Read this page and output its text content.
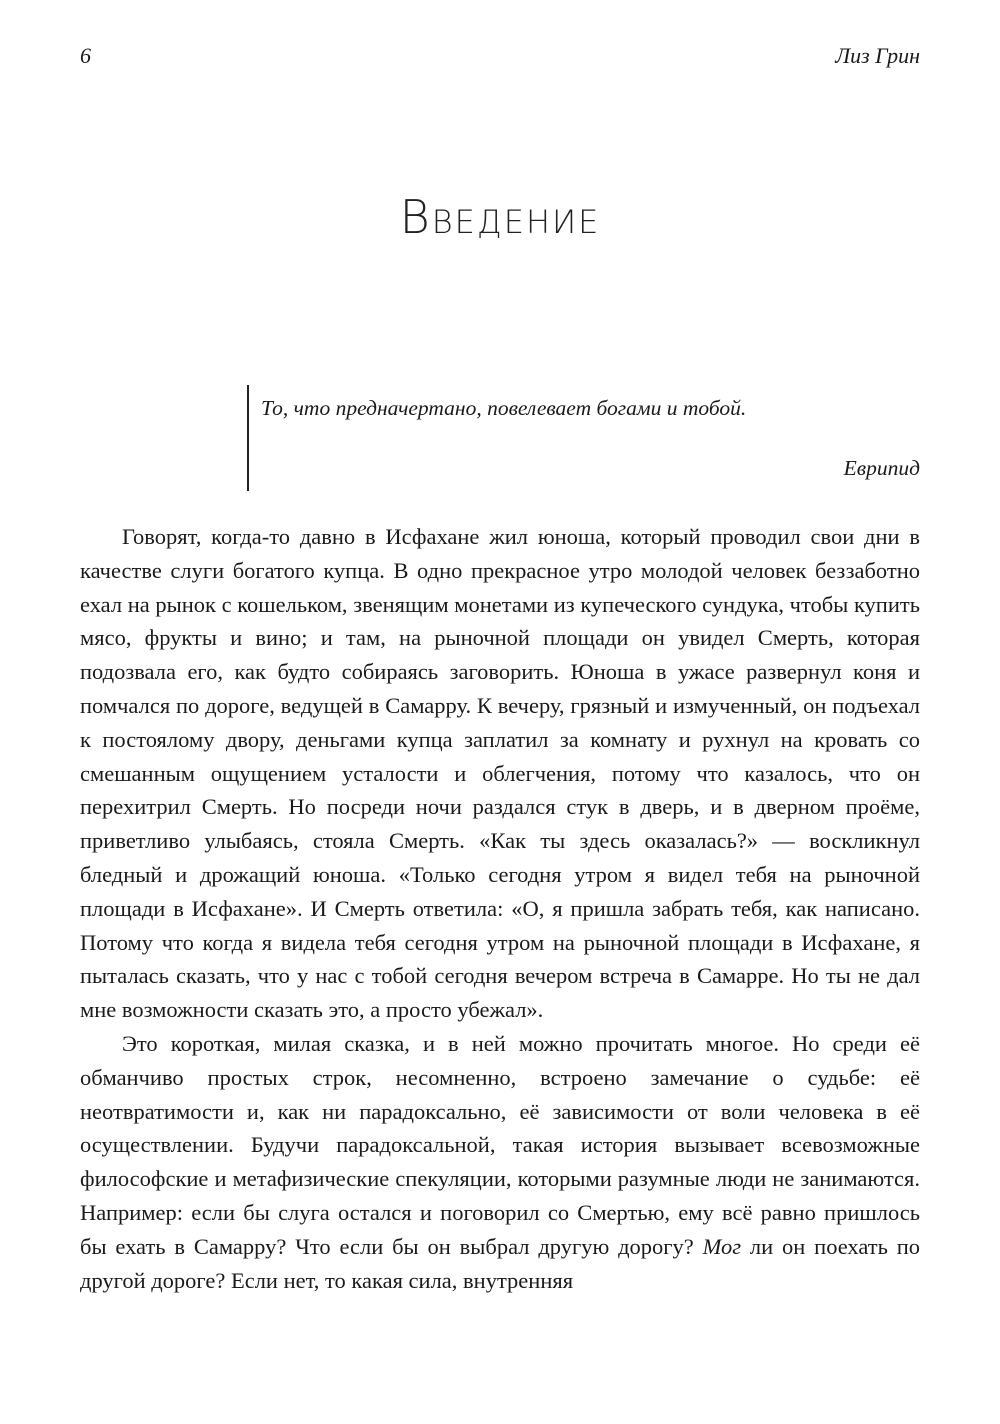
6	Лиз Грин
Введение

То, что предначертано, повелевает богами и тобой.

Еврипид

Говорят, когда-то давно в Исфахане жил юноша, который проводил свои дни в качестве слуги богатого купца. В одно прекрасное утро молодой человек беззаботно ехал на рынок с кошельком, звенящим монетами из купеческого сундука, чтобы купить мясо, фрукты и вино; и там, на рыночной площади он увидел Смерть, которая подозвала его, как будто собираясь заговорить. Юноша в ужасе развернул коня и помчался по дороге, ведущей в Самарру. К вечеру, грязный и измученный, он подъехал к постоялому двору, деньгами купца заплатил за комнату и рухнул на кровать со смешанным ощущением усталости и облегчения, потому что казалось, что он перехитрил Смерть. Но посреди ночи раздался стук в дверь, и в дверном проёме, приветливо улыбаясь, стояла Смерть. «Как ты здесь оказалась?» — воскликнул бледный и дрожащий юноша. «Только сегодня утром я видел тебя на рыночной площади в Исфахане». И Смерть ответила: «О, я пришла забрать тебя, как написано. Потому что когда я видела тебя сегодня утром на рыночной площади в Исфахане, я пыталась сказать, что у нас с тобой сегодня вечером встреча в Самарре. Но ты не дал мне возможности сказать это, а просто убежал».

Это короткая, милая сказка, и в ней можно прочитать многое. Но среди её обманчиво простых строк, несомненно, встроено замечание о судьбе: её неотвратимости и, как ни парадоксально, её зависимости от воли человека в её осуществлении. Будучи парадоксальной, такая история вызывает всевозможные философские и метафизические спекуляции, которыми разумные люди не занимаются. Например: если бы слуга остался и поговорил со Смертью, ему всё равно пришлось бы ехать в Самарру? Что если бы он выбрал другую дорогу? Мог ли он поехать по другой дороге? Если нет, то какая сила, внутренняя
